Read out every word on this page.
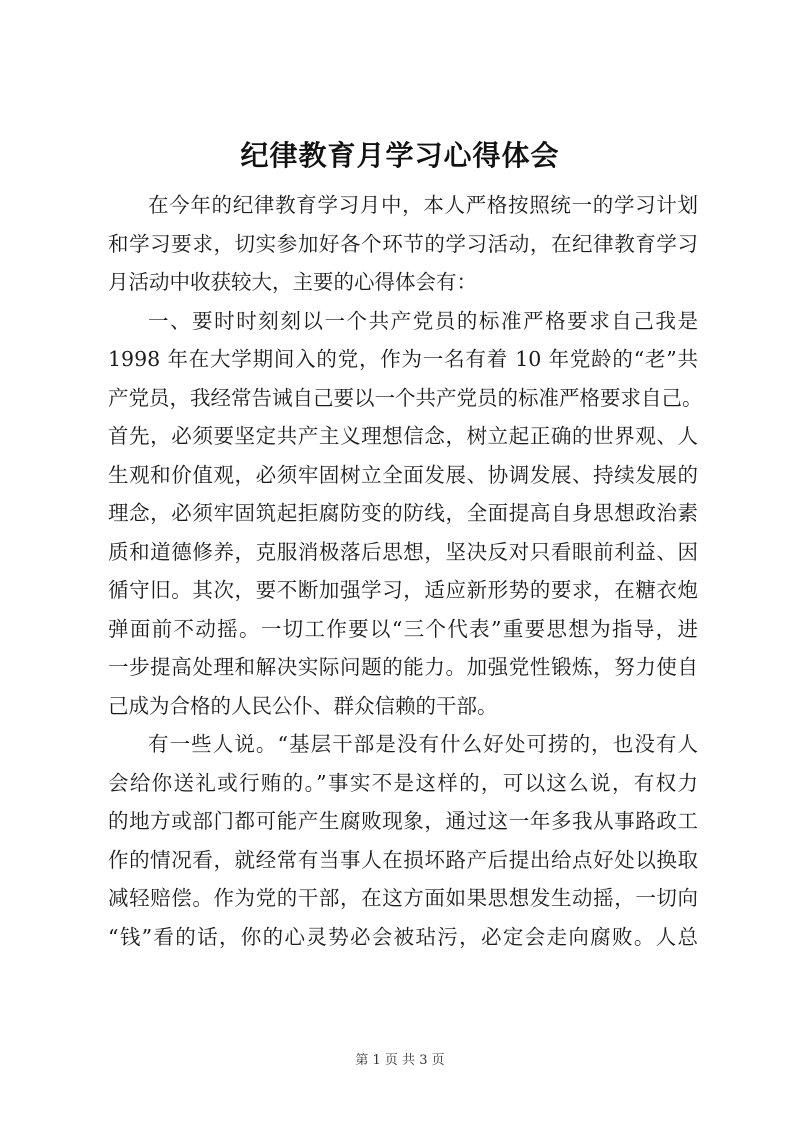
纪律教育月学习心得体会
在今年的纪律教育学习月中，本人严格按照统一的学习计划
和学习要求，切实参加好各个环节的学习活动，在纪律教育学习
月活动中收获较大，主要的心得体会有：
一、要时时刻刻以一个共产党员的标准严格要求自己我是
1998 年在大学期间入的党，作为一名有着 10 年党龄的“老”共
产党员，我经常告诫自己要以一个共产党员的标准严格要求自己。
首先，必须要坚定共产主义理想信念，树立起正确的世界观、人
生观和价值观，必须牢固树立全面发展、协调发展、持续发展的
理念，必须牢固筑起拒腐防变的防线，全面提高自身思想政治素
质和道德修养，克服消极落后思想，坚决反对只看眼前利益、因
循守旧。其次，要不断加强学习，适应新形势的要求，在糖衣炮
弹面前不动摇。一切工作要以“三个代表”重要思想为指导，进
一步提高处理和解决实际问题的能力。加强党性锻炼，努力使自
己成为合格的人民公仆、群众信赖的干部。
有一些人说。“基层干部是没有什么好处可捞的，也没有人
会给你送礼或行贿的。”事实不是这样的，可以这么说，有权力
的地方或部门都可能产生腐败现象，通过这一年多我从事路政工
作的情况看，就经常有当事人在损坏路产后提出给点好处以换取
减轻赔偿。作为党的干部，在这方面如果思想发生动摇，一切向
“钱”看的话，你的心灵势必会被玷污，必定会走向腐败。人总
第 1 页 共 3 页
